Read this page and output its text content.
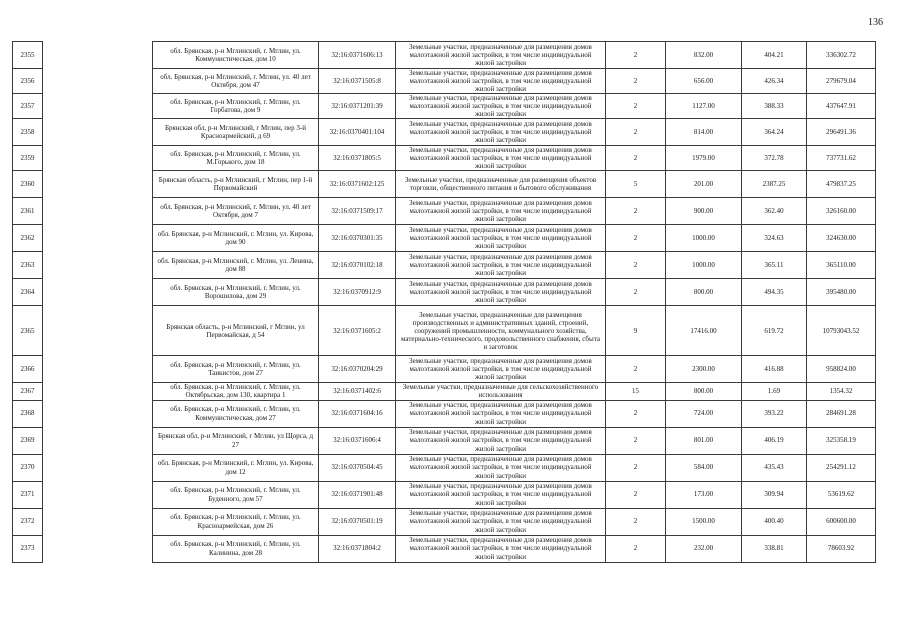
136
2355		обл. Брянская, р-н Мглинский, г. Мглин, ул. Коммунистическая, дом 10	32:16:0371606:13	Земельные участки, предназначенные для размещения домов малоэтажной жилой застройки, в том числе индивидуальной жилой застройки	2	832.00	404.21	336302.72
2356		обл. Брянская, р-н Мглинский, г. Мглин, ул. 40 лет Октября, дом 47	32:16:0371505:8	Земельные участки, предназначенные для размещения домов малоэтажной жилой застройки, в том числе индивидуальной жилой застройки	2	656.00	426.34	279679.04
2357		обл. Брянская, р-н Мглинский, г. Мглин, ул. Горбатова, дом 9	32:16:0371201:39	Земельные участки, предназначенные для размещения домов малоэтажной жилой застройки, в том числе индивидуальной жилой застройки	2	1127.00	388.33	437647.91
2358		Брянская обл, р-н Мглинский, г Мглин, пер 3-й Красноармейский, д 69	32:16:0370401:104	Земельные участки, предназначенные для размещения домов малоэтажной жилой застройки, в том числе индивидуальной жилой застройки	2	814.00	364.24	296491.36
2359		обл. Брянская, р-н Мглинский, г. Мглин, ул. М.Горького, дом 18	32:16:0371805:5	Земельные участки, предназначенные для размещения домов малоэтажной жилой застройки, в том числе индивидуальной жилой застройки	2	1979.00	372.78	737731.62
2360		Брянская область, р-н Мглинский, г Мглин, пер 1-й Первомайский	32:16:0371602:125	Земельные участки, предназначенные для размещения объектов торговли, общественного питания и бытового обслуживания	5	201.00	2387.25	479837.25
2361		обл. Брянская, р-н Мглинский, г. Мглин, ул. 40 лет Октября, дом 7	32:16:0371509:17	Земельные участки, предназначенные для размещения домов малоэтажной жилой застройки, в том числе индивидуальной жилой застройки	2	900.00	362.40	326160.00
2362		обл. Брянская, р-н Мглинский, г. Мглин, ул. Кирова, дом 90	32:16:0370301:35	Земельные участки, предназначенные для размещения домов малоэтажной жилой застройки, в том числе индивидуальной жилой застройки	2	1000.00	324.63	324630.00
2363		обл. Брянская, р-н Мглинский, г. Мглин, ул. Ленина, дом 88	32:16:0370102:18	Земельные участки, предназначенные для размещения домов малоэтажной жилой застройки, в том числе индивидуальной жилой застройки	2	1000.00	365.11	365110.00
2364		обл. Брянская, р-н Мглинский, г. Мглин, ул. Ворошилова, дом 29	32:16:0370912:9	Земельные участки, предназначенные для размещения домов малоэтажной жилой застройки, в том числе индивидуальной жилой застройки	2	800.00	494.35	395480.00
2365		Брянская область, р-н Мглинский, г Мглин, ул Первомайская, д 54	32:16:0371605:2	Земельные участки, предназначенные для размещения производственных и административных зданий, строений, сооружений промышленности, коммунального хозяйства, материально-технического, продовольственного снабжения, сбыта и заготовок	9	17416.00	619.72	10793043.52
2366		обл. Брянская, р-н Мглинский, г. Мглин, ул. Таикистов, дом 27	32:16:0370204:29	Земельные участки, предназначенные для размещения домов малоэтажной жилой застройки, в том числе индивидуальной жилой застройки	2	2300.00	416.88	958824.00
2367		обл. Брянская, р-н Мглинский, г. Мглин, ул. Октябрьская, дом 130, квартира 1	32:16:0371402:6	Земельные участки, предназначенные для сельскохозяйственного использования	15	800.00	1.69	1354.32
2368		обл. Брянская, р-н Мглинский, г. Мглин, ул. Коммунистическая, дом 27	32:16:0371604:16	Земельные участки, предназначенные для размещения домов малоэтажной жилой застройки, в том числе индивидуальной жилой застройки	2	724.00	393.22	284691.28
2369		Брянская обл, р-н Мглинский, г Мглин, ул Щорса, д 27	32:16:0371606:4	Земельные участки, предназначенные для размещения домов малоэтажной жилой застройки, в том числе индивидуальной жилой застройки	2	801.00	406.19	325358.19
2370		обл. Брянская, р-н Мглинский, г. Мглин, ул. Кирова, дом 12	32:16:0370504:45	Земельные участки, предназначенные для размещения домов малоэтажной жилой застройки, в том числе индивидуальной жилой застройки	2	584.00	435.43	254291.12
2371		обл. Брянская, р-н Мглинский, г. Мглин, ул. Буденного, дом 57	32:16:0371901:48	Земельные участки, предназначенные для размещения домов малоэтажной жилой застройки, в том числе индивидуальной жилой застройки	2	173.00	309.94	53619.62
2372		обл. Брянская, р-н Мглинский, г. Мглин, ул. Красноармейская, дом 26	32:16:0370501:19	Земельные участки, предназначенные для размещения домов малоэтажной жилой застройки, в том числе индивидуальной жилой застройки	2	1500.00	400.40	600600.00
2373		обл. Брянская, р-н Мглинский, г. Мглин, ул. Калинина, дом 28	32:16:0371804:2	Земельные участки, предназначенные для размещения домов малоэтажной жилой застройки, в том числе индивидуальной жилой застройки	2	232.00	338.81	78603.92
